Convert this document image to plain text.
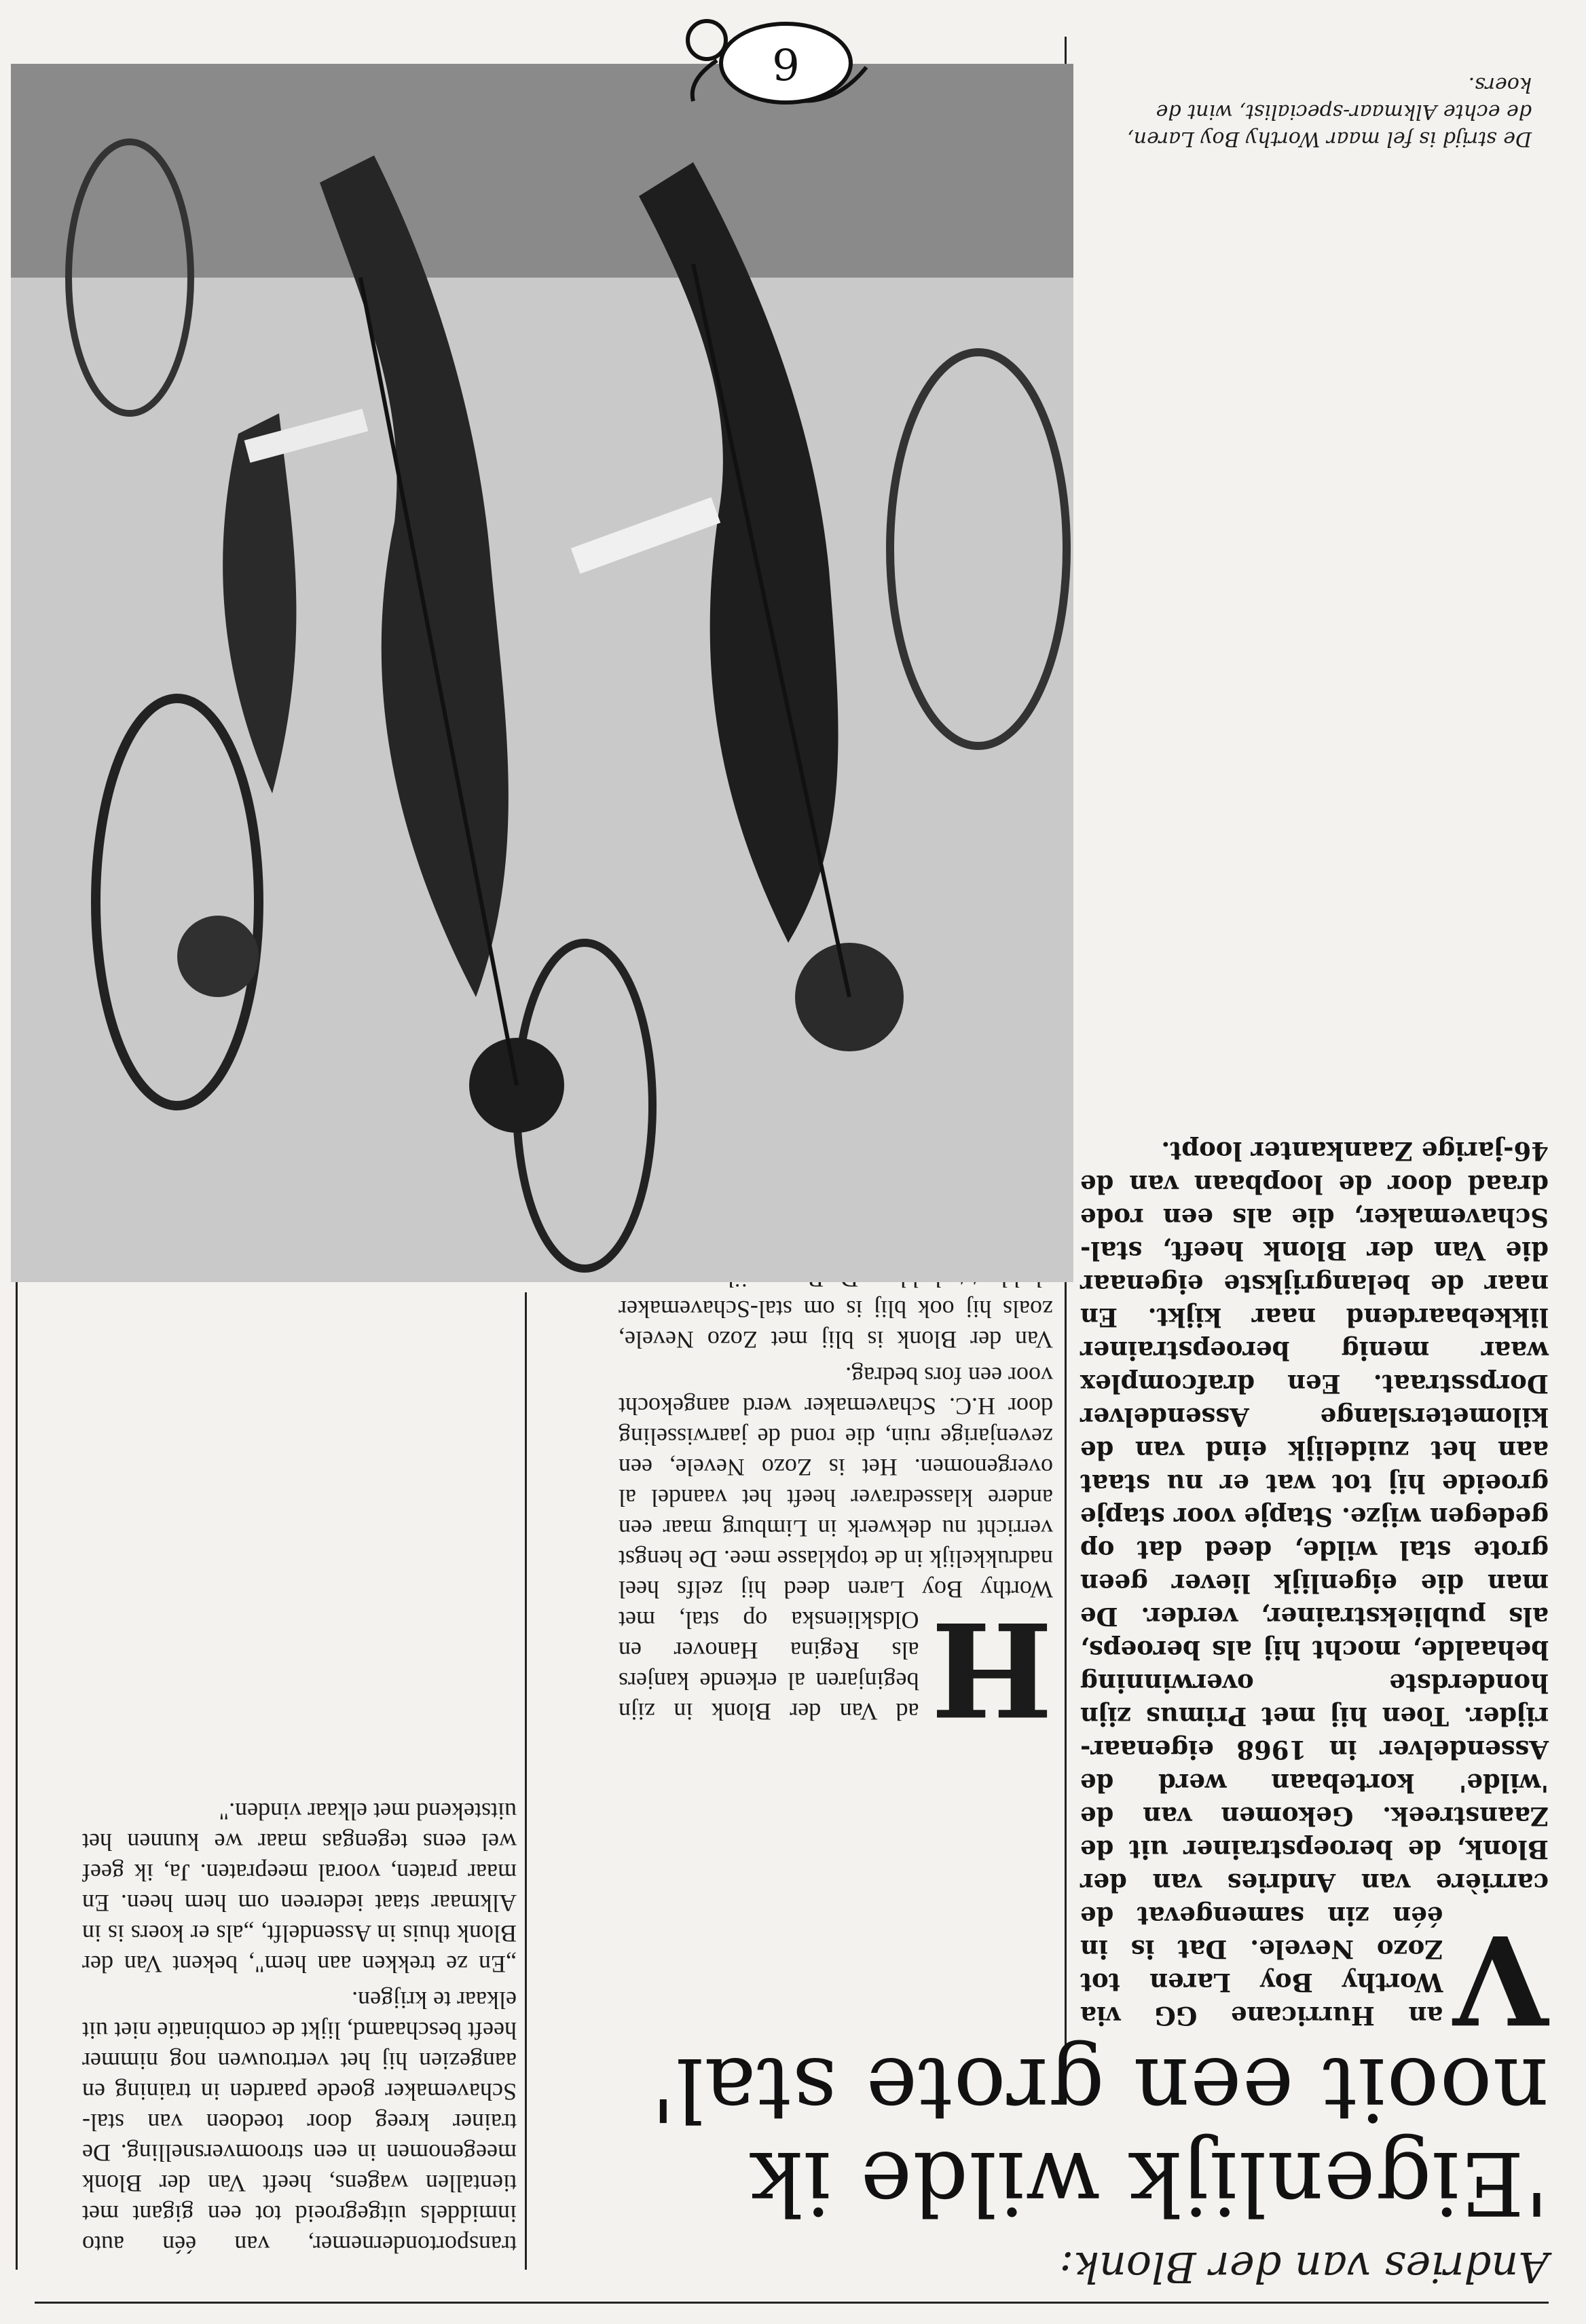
Andries van der Blonk:
'Eigenlijk wilde ik nooit een grote stal'
V
an Hurricane GG via Worthy Boy Laren tot Zozo Nevele. Dat is in één zin samengevat de carrière van Andries van der Blonk, de beroepstrainer uit de Zaanstreek. Gekomen van de 'wilde' kortebaan werd de Assendelver in 1968 eigenaar-rijder. Toen hij met Primus zijn honderdste overwinning behaalde, mocht hij als beroeps, als publiekstrainer, verder. De man die eigenlijk liever geen grote stal wilde, deed dat op gedegen wijze. Stapje voor stapje groeide hij tot wat er nu staat aan het zuidelijk eind van de kilometerslange Assendelver Dorpsstraat. Een drafcomplex waar menig beroepstrainer likkebaardend naar kijkt. En naar de belangrijkste eigenaar die Van der Blonk heeft, stal-Schavemaker, die als een rode draad door de loopbaan van de 46-jarige Zaankanter loopt.

transportondernemer, van één auto inmiddels uitgegroeid tot een gigant met tientallen wagens, heeft Van der Blonk meegenomen in een stroomversnelling. De trainer kreeg door toedoen van stal-Schavemaker goede paarden in training en aangezien hij het vertrouwen nog nimmer heeft beschaamd, lijkt de combinatie niet uit elkaar te krijgen.

„En ze trekken aan hem", bekent Van der Blonk thuis in Assendelft, „als er koers is in Alkmaar staat iedereen om hem heen. En maar praten, vooral meepraten. Ja, ik geef wel eens tegengas maar we kunnen het uitstekend met elkaar vinden."

H
ad Van der Blonk in zijn beginjaren al erkende kanjers als Regina Hanover en Oldsklienska op stal, met Worthy Boy Laren deed hij zelfs heel nadrukkelijk in de topklasse mee. De hengst verricht nu dekwerk in Limburg maar een andere klassedraver heeft het vaandel al overgenomen. Het is Zozo Nevele, een zevenjarige ruin, die rond de jaarwisseling door H.C. Schavemaker werd aangekocht voor een fors bedrag.

Van der Blonk is blij met Zozo Nevele, zoals hij ook blij is om stal-Schavemaker

De strijd is fel maar Worthy Boy Laren, de echte Alkmaar-specialist, wint de koers.
6
